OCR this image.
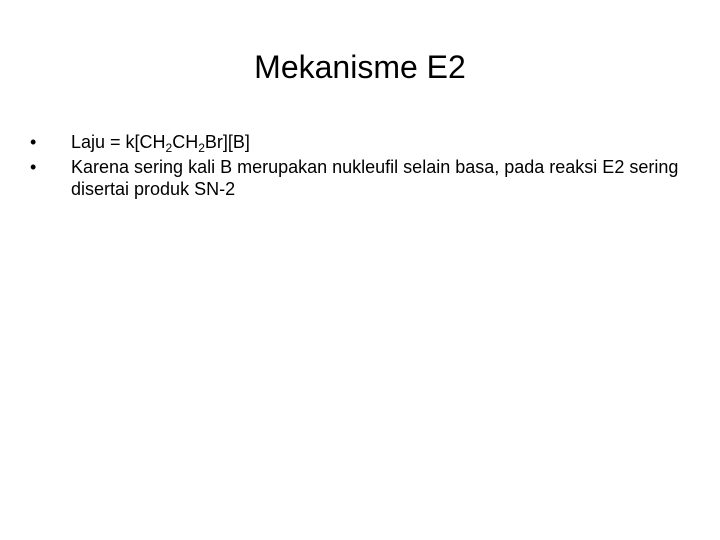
Mekanisme E2
•	Laju = $k[CH_2CH_2Br][B]$
•	Karena sering kali B merupakan nukleufil selain basa, pada reaksi E2 sering disertai produk SN-2
